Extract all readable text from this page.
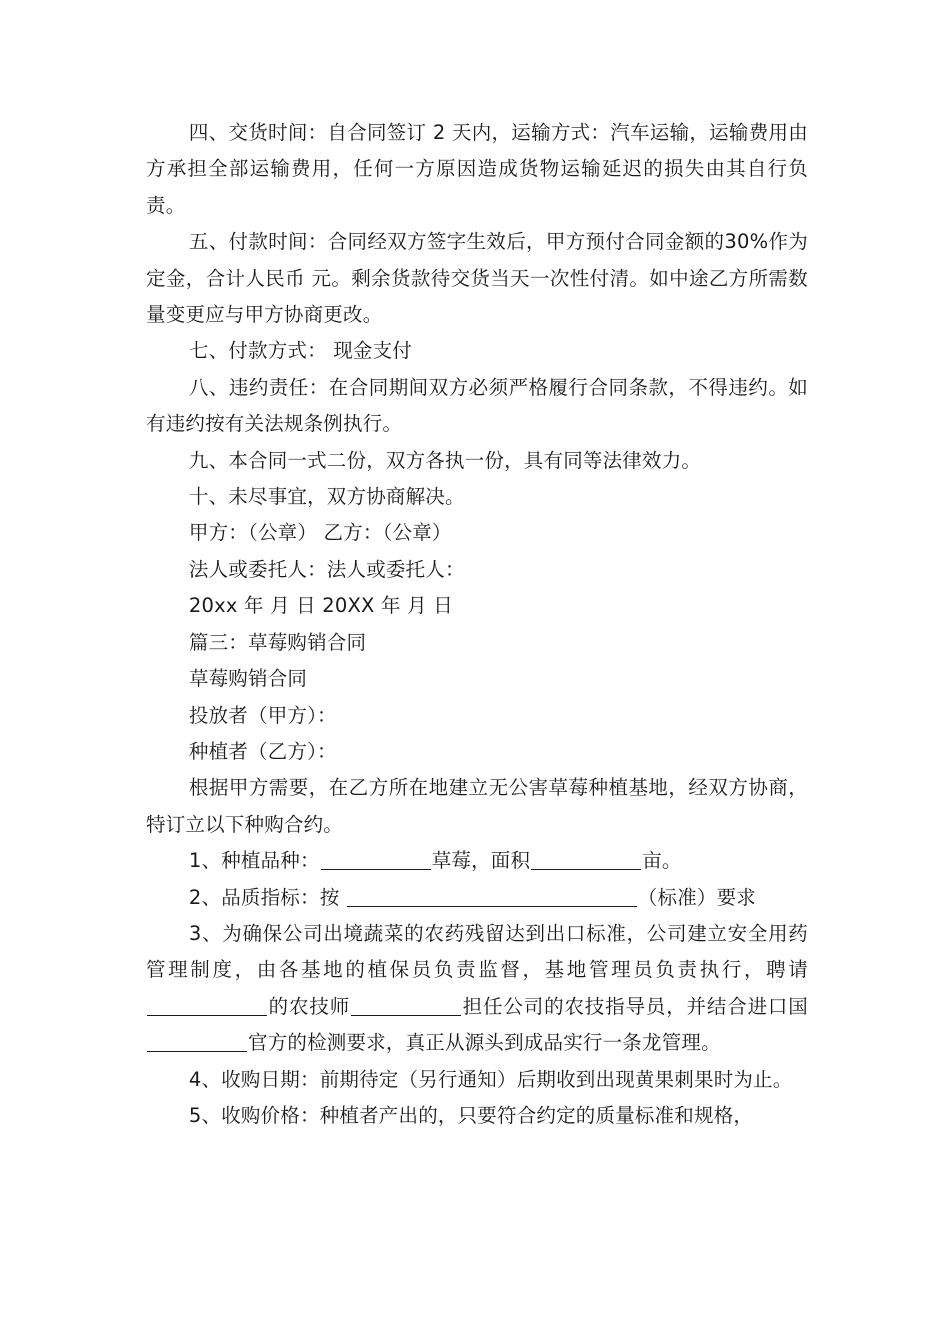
四、交货时间：自合同签订 2 天内，运输方式：汽车运输，运输费用由 方承担全部运输费用，任何一方原因造成货物运输延迟的损失由其自行负责。

五、付款时间：合同经双方签字生效后，甲方预付合同金额的30%作为定金，合计人民币 元。剩余货款待交货当天一次性付清。如中途乙方所需数量变更应与甲方协商更改。

七、付款方式： 现金支付

八、违约责任：在合同期间双方必须严格履行合同条款，不得违约。如有违约按有关法规条例执行。

九、本合同一式二份，双方各执一份，具有同等法律效力。

十、未尽事宜，双方协商解决。

甲方：（公章） 乙方：（公章）

法人或委托人：法人或委托人：

20xx 年 月 日 20XX 年 月 日

篇三：草莓购销合同

草莓购销合同

投放者（甲方）：

种植者（乙方）：

根据甲方需要，在乙方所在地建立无公害草莓种植基地，经双方协商，特订立以下种购合约。

1、种植品种：	草莓，面积	亩。

2、品质指标：按	（标准）要求

3、为确保公司出境蔬菜的农药残留达到出口标准，公司建立安全用药管理制度，由各基地的植保员负责监督，基地管理员负责执行，聘请的农技师	担任公司的农技指导员，并结合进口国官方的检测要求，真正从源头到成品实行一条龙管理。

4、收购日期：前期待定（另行通知）后期收到出现黄果刺果时为止。

5、收购价格：种植者产出的，只要符合约定的质量标准和规格，
